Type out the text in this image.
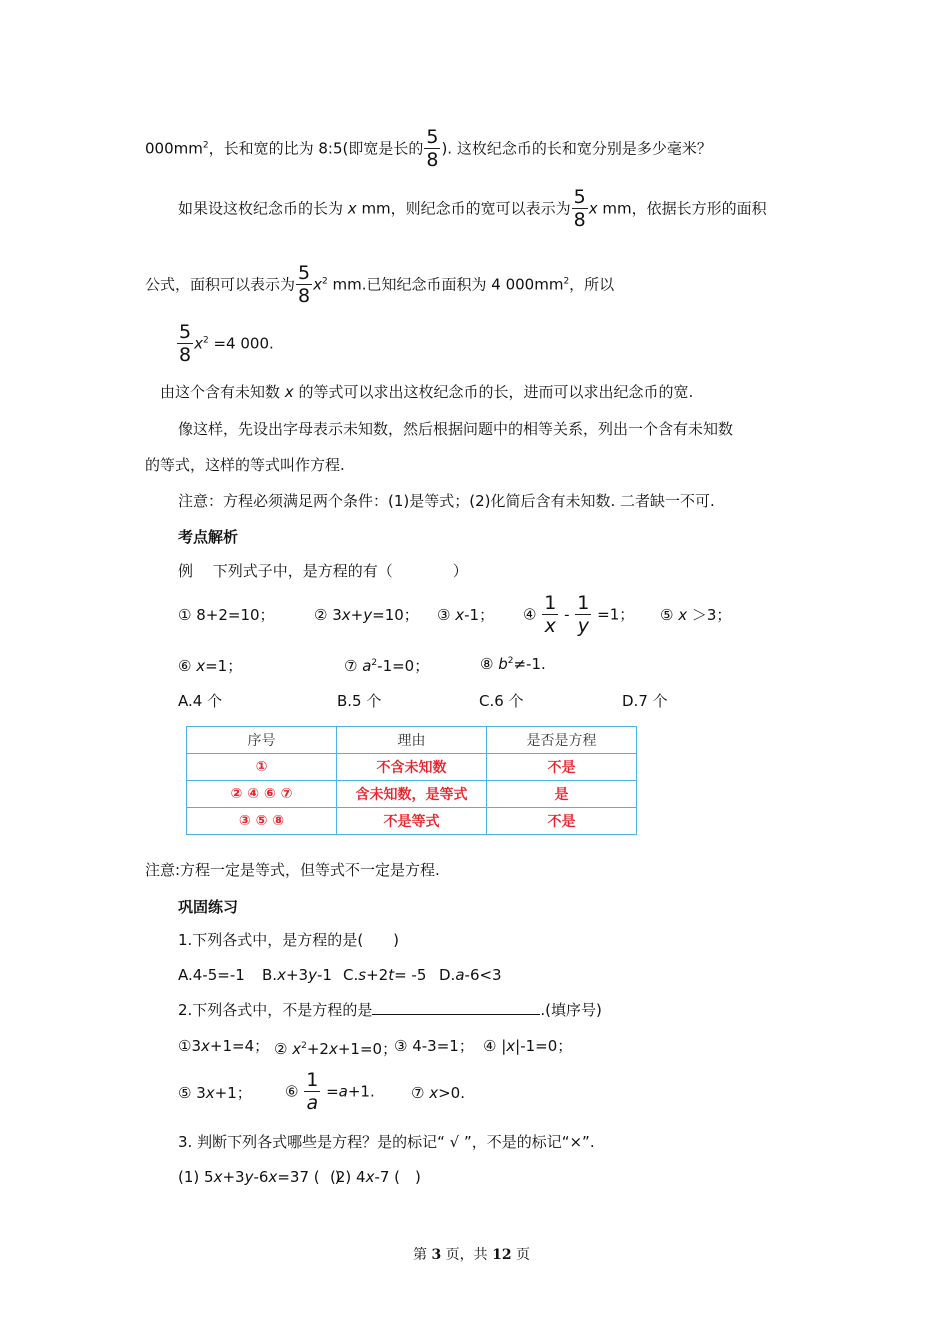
$000mm^2$，长和宽的比为 8:5(即宽是长的 $\frac{5}{8}$ ). 这枚纪念币的长和宽分别是多少毫米？
如果设这枚纪念币的长为 x mm，则纪念币的宽可以表示为 $\frac{5}{8}$ x mm，依据长方形的面积
公式，面积可以表示为 $\frac{5}{8} x^2$ mm.已知纪念币面积为 4 $000mm^2$，所以
$\frac{5}{8} x^2 =4$ 000.
由这个含有未知数 x 的等式可以求出这枚纪念币的长，进而可以求出纪念币的宽.
像这样，先设出字母表示未知数，然后根据问题中的相等关系，列出一个含有未知数
的等式，这样的等式叫作方程.
注意：方程必须满足两个条件：(1)是等式；(2)化简后含有未知数. 二者缺一不可.
考点解析
例　 下列式子中，是方程的有（　　　　）
① 8+2=10；	② 3x+y=10； ③ x-1； ④ $\frac{1}{x} - \frac{1}{y} =1$； ⑤ x ＞3；
⑥ x=1；	⑦ $a^2-1=0$；	⑧ $b^2\ne-1$.
A.4 个	B.5 个	C.6 个	D.7 个
序号	理由	是否是方程
①	不含未知数	不是
② ④ ⑥ ⑦	含未知数，是等式	是
③ ⑤ ⑧	不是等式	不是
注意:方程一定是等式，但等式不一定是方程.
巩固练习
1.下列各式中，是方程的是(　　)
A.4-5=-1 B.x+3y-1 C.s+2t= -5 D.a-6<3
2.下列各式中，不是方程的是	.(填序号)
①3x+1=4； ② $x^2+2x+1=0$；
③ 4-3=1； ④ |x|-1=0；
⑤ 3x+1； ⑥ $\frac{1}{a} =a+1$. ⑦ x>0.
3. 判断下列各式哪些是方程？是的标记“ √ ”，不是的标记“×”.
(1) 5x+3y-6x=37 (　)
(2) 4x-7 (　)
第 3 页，共 12 页
